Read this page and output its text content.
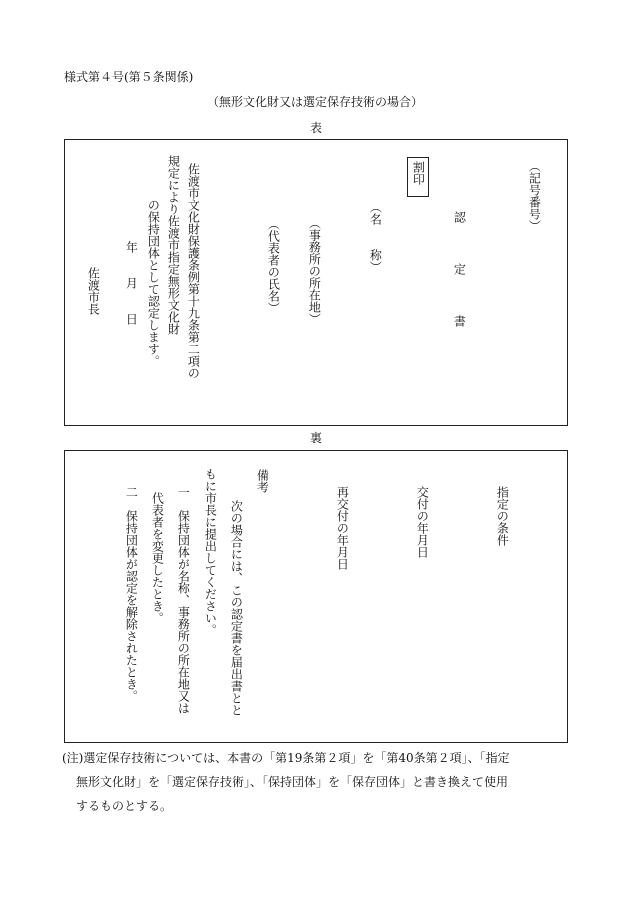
様式第４号(第５条関係)
（無形文化財又は選定保存技術の場合）
表
（記号番号）
認　定　書
割印
（名　　称）
（事務所の所在地）
（代表者の氏名）
佐渡市文化財保護条例第十九条第二項の
規定により佐渡市指定無形文化財
の保持団体として認定します。
年　　月　　日
佐渡市長
裏
指定の条件
交付の年月日
再交付の年月日
備考
次の場合には、この認定書を届出書とと
もに市長に提出してください。
一　保持団体が名称、事務所の所在地又は
代表者を変更したとき。
二　保持団体が認定を解除されたとき。
(注)選定保存技術については、本書の「第19条第２項」を「第40条第２項」、「指定
無形文化財」を「選定保存技術」、「保持団体」を「保存団体」と書き換えて使用
するものとする。
